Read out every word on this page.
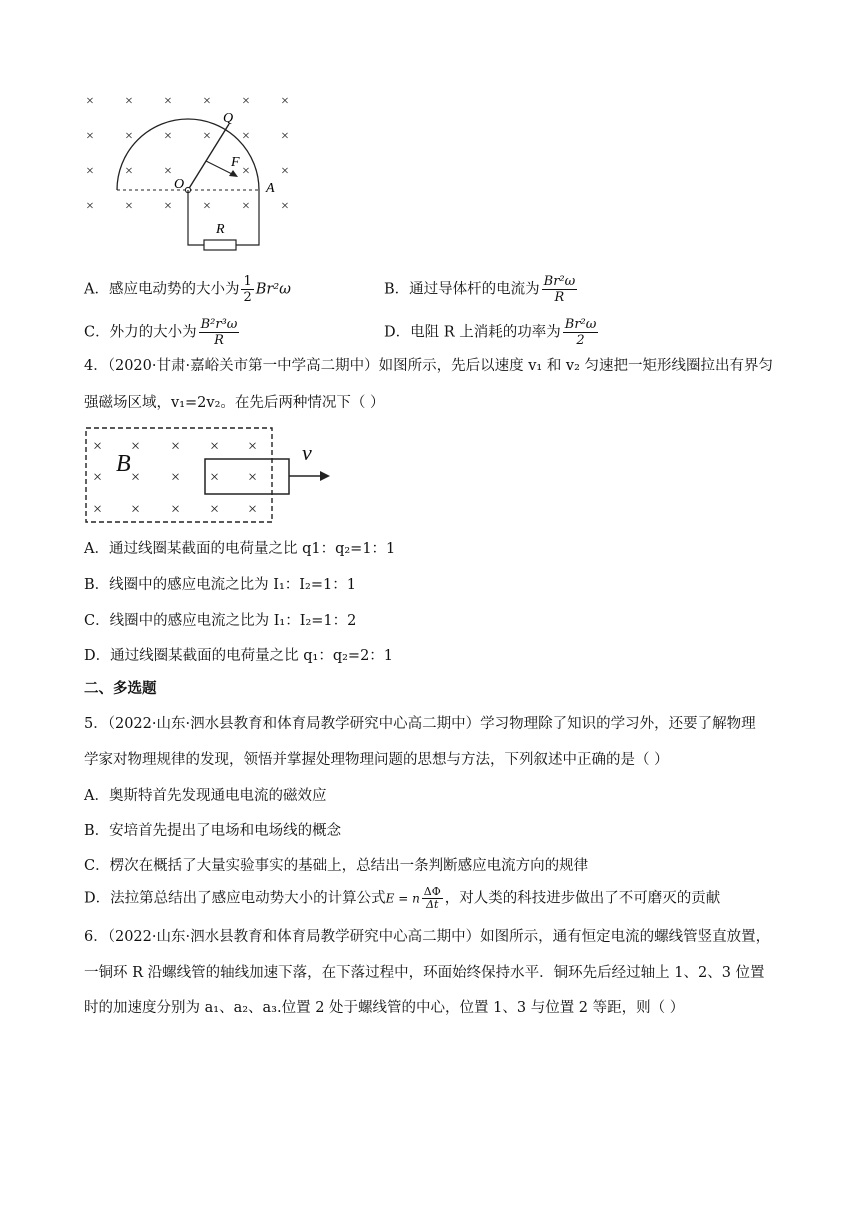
× × × × × ×
× × × × × ×
× × ×	× ×
× × × × × ×
Q
O
F
A
R
A．感应电动势的大小为 $\frac{1}{2} Br^2\omega$	B．通过导体杆的电流为 $\frac{\text{Br²ω}}{R}$
C．外力的大小为 $\frac{\text{B²r³ω}}{R}$	D．电阻 R 上消耗的功率为 $\frac{\text{Br²ω}}{2}$
4．（2020·甘肃·嘉峪关市第一中学高二期中）如图所示，先后以速度 v₁ 和 v₂ 匀速把一矩形线圈拉出有界匀
强磁场区域，v₁=2v₂。在先后两种情况下（ ）
× × × × ×
× × × × ×
× × × × ×
B	v
A．通过线圈某截面的电荷量之比 q1：q₂=1：1
B．线圈中的感应电流之比为 I₁：I₂=1：1
C．线圈中的感应电流之比为 I₁：I₂=1：2
D．通过线圈某截面的电荷量之比 q₁：q₂=2：1
二、多选题
5．（2022·山东·泗水县教育和体育局教学研究中心高二期中）学习物理除了知识的学习外，还要了解物理
学家对物理规律的发现，领悟并掌握处理物理问题的思想与方法，下列叙述中正确的是（ ）
A．奥斯特首先发现通电电流的磁效应
B．安培首先提出了电场和电场线的概念
C．楞次在概括了大量实验事实的基础上，总结出一条判断感应电流方向的规律
D．法拉第总结出了感应电动势大小的计算公式E = n $\frac{\Delta\Phi}{\Delta t}$ ，对人类的科技进步做出了不可磨灭的贡献
6．（2022·山东·泗水县教育和体育局教学研究中心高二期中）如图所示，通有恒定电流的螺线管竖直放置，
一铜环 R 沿螺线管的轴线加速下落，在下落过程中，环面始终保持水平．铜环先后经过轴上 1、2、3 位置
时的加速度分别为 a₁、a₂、a₃.位置 2 处于螺线管的中心，位置 1、3 与位置 2 等距，则（ ）
